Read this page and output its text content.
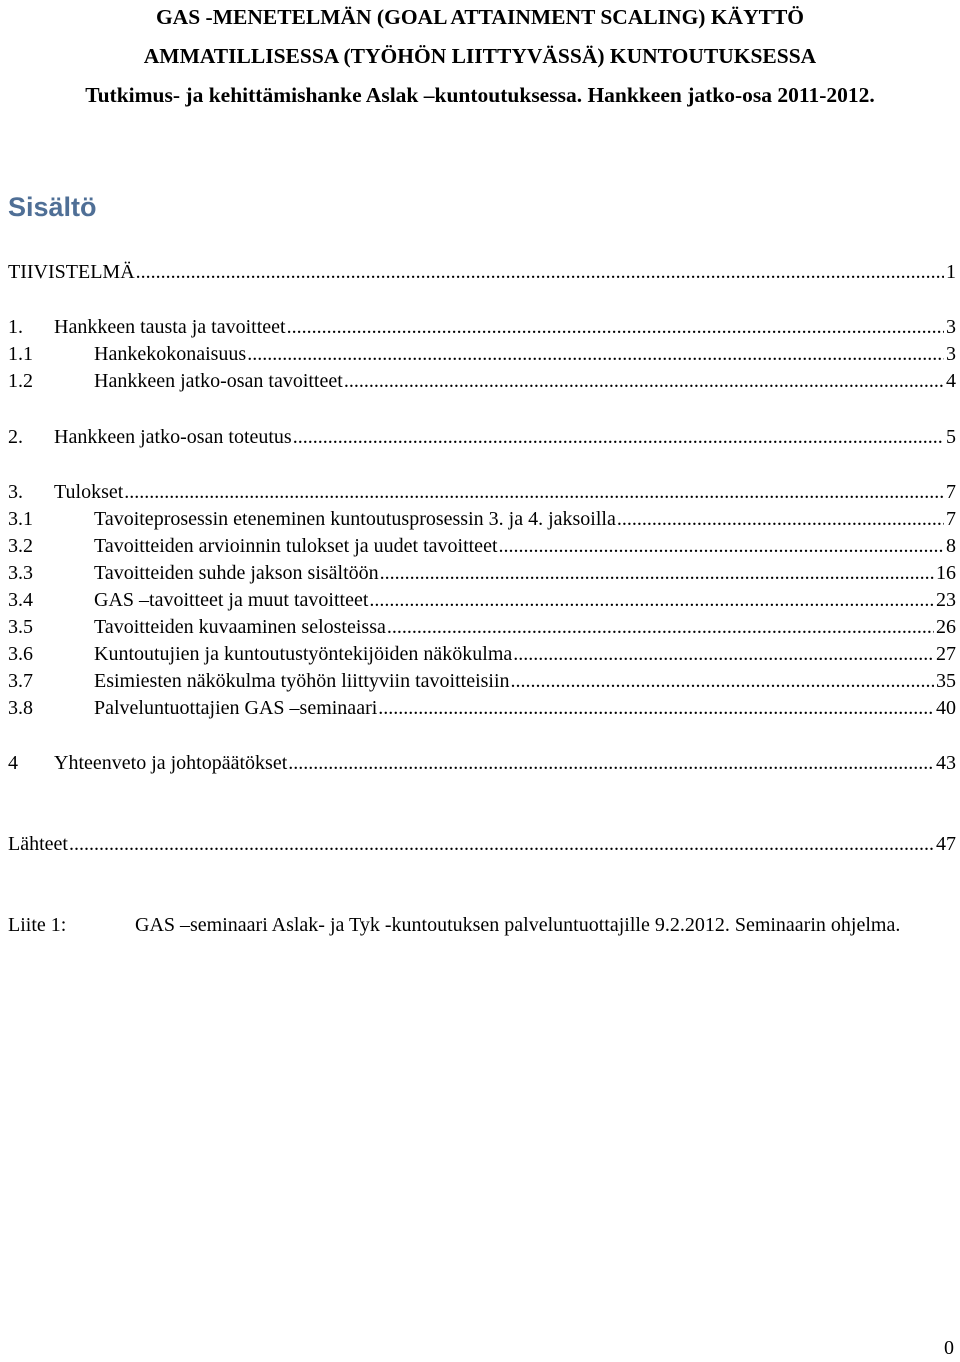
GAS -MENETELMÄN (GOAL ATTAINMENT SCALING) KÄYTTÖ
AMMATILLISESSA (TYÖHÖN LIITTYVÄSSÄ) KUNTOUTUKSESSA
Tutkimus- ja kehittämishanke Aslak –kuntoutuksessa. Hankkeen jatko-osa 2011-2012.
Sisältö
TIIVISTELMÄ .....	1
1.	Hankkeen tausta ja tavoitteet .....	3
1.1	Hankekokonaisuus .....	3
1.2	Hankkeen jatko-osan tavoitteet .....	4
2.	Hankkeen jatko-osan toteutus .....	5
3.	Tulokset .....	7
3.1	Tavoiteprosessin eteneminen kuntoutusprosessin 3. ja 4. jaksoilla .....	7
3.2	Tavoitteiden arvioinnin tulokset ja uudet tavoitteet .....	8
3.3	Tavoitteiden suhde jakson sisältöön .....	16
3.4	GAS –tavoitteet ja muut tavoitteet .....	23
3.5	Tavoitteiden kuvaaminen selosteissa .....	26
3.6	Kuntoutujien ja kuntoutustyöntekijöiden näkökulma .....	27
3.7	Esimiesten näkökulma työhön liittyviin tavoitteisiin .....	35
3.8	Palveluntuottajien GAS –seminaari .....	40
4	Yhteenveto ja johtopäätökset .....	43
Lähteet .....	47
Liite 1:	GAS –seminaari Aslak- ja Tyk -kuntoutuksen palveluntuottajille 9.2.2012. Seminaarin ohjelma.
0
